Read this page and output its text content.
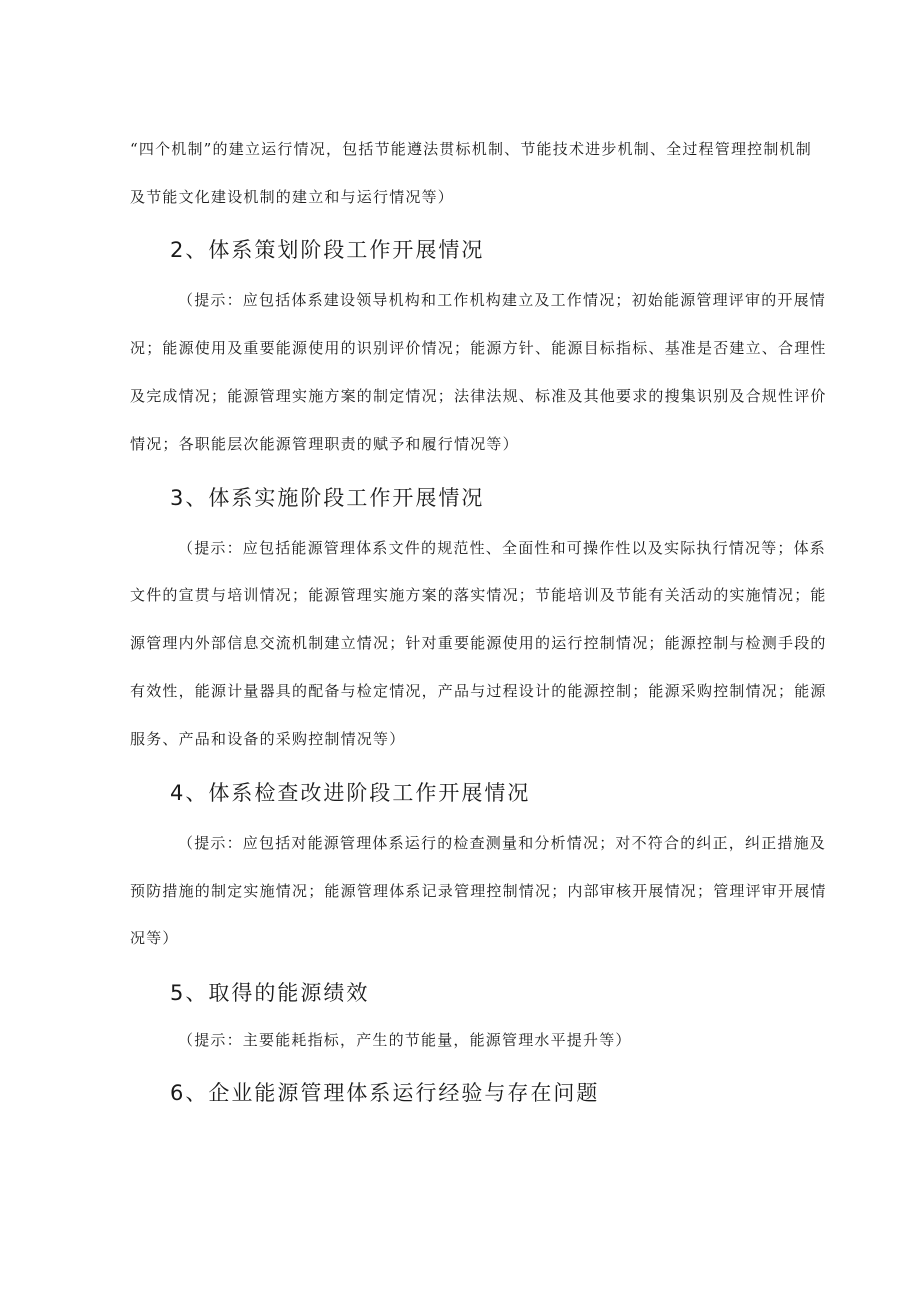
“四个机制”的建立运行情况，包括节能遵法贯标机制、节能技术进步机制、全过程管理控制机制

及节能文化建设机制的建立和与运行情况等）

2、体系策划阶段工作开展情况

（提示：应包括体系建设领导机构和工作机构建立及工作情况；初始能源管理评审的开展情

况；能源使用及重要能源使用的识别评价情况；能源方针、能源目标指标、基准是否建立、合理性

及完成情况；能源管理实施方案的制定情况；法律法规、标准及其他要求的搜集识别及合规性评价

情况；各职能层次能源管理职责的赋予和履行情况等）

3、体系实施阶段工作开展情况

（提示：应包括能源管理体系文件的规范性、全面性和可操作性以及实际执行情况等；体系

文件的宣贯与培训情况；能源管理实施方案的落实情况；节能培训及节能有关活动的实施情况；能

源管理内外部信息交流机制建立情况；针对重要能源使用的运行控制情况；能源控制与检测手段的

有效性，能源计量器具的配备与检定情况，产品与过程设计的能源控制；能源采购控制情况；能源

服务、产品和设备的采购控制情况等）

4、体系检查改进阶段工作开展情况

（提示：应包括对能源管理体系运行的检查测量和分析情况；对不符合的纠正，纠正措施及

预防措施的制定实施情况；能源管理体系记录管理控制情况；内部审核开展情况；管理评审开展情

况等）

5、取得的能源绩效

（提示：主要能耗指标，产生的节能量，能源管理水平提升等）

6、企业能源管理体系运行经验与存在问题
